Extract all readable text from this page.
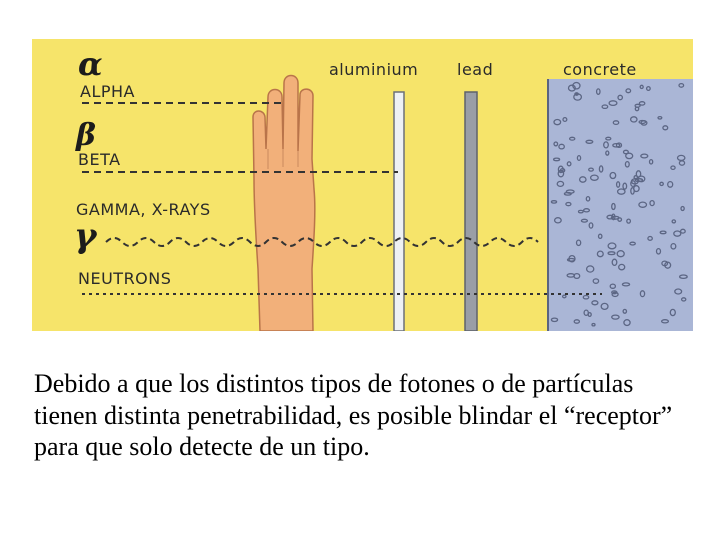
α
ALPHA
β
BETA
GAMMA, X-RAYS
γ
NEUTRONS
aluminium lead	concrete

Debido a que los distintos tipos de fotones o de partículas tienen distinta penetrabilidad, es posible blindar el “receptor” para que solo detecte de un tipo.
